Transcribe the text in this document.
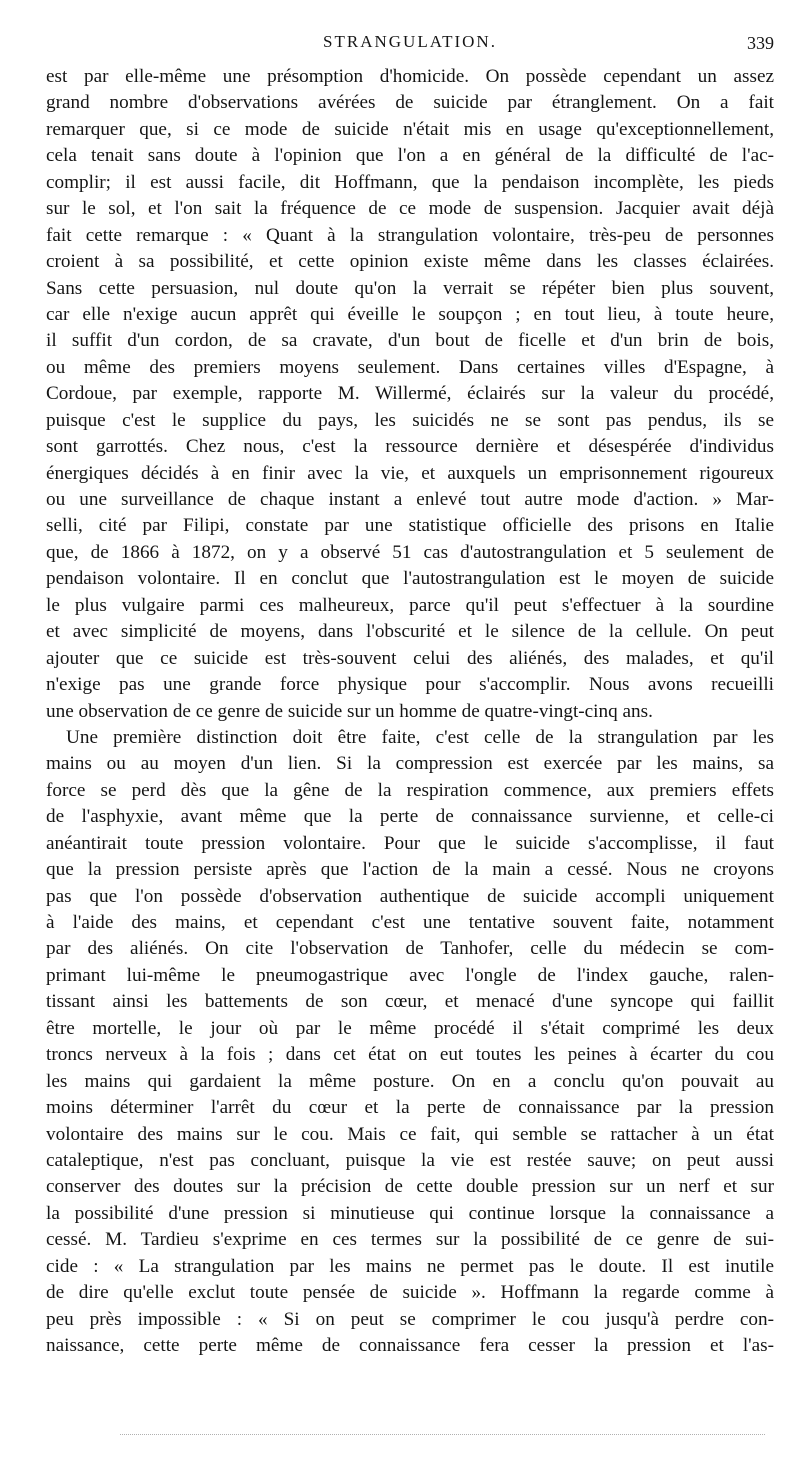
STRANGULATION.	339
est par elle-même une présomption d'homicide. On possède cependant un assez
grand nombre d'observations avérées de suicide par étranglement. On a fait
remarquer que, si ce mode de suicide n'était mis en usage qu'exceptionnellement,
cela tenait sans doute à l'opinion que l'on a en général de la difficulté de l'ac-
complir; il est aussi facile, dit Hoffmann, que la pendaison incomplète, les pieds
sur le sol, et l'on sait la fréquence de ce mode de suspension. Jacquier avait déjà
fait cette remarque : « Quant à la strangulation volontaire, très-peu de personnes
croient à sa possibilité, et cette opinion existe même dans les classes éclairées.
Sans cette persuasion, nul doute qu'on la verrait se répéter bien plus souvent,
car elle n'exige aucun apprêt qui éveille le soupçon ; en tout lieu, à toute heure,
il suffit d'un cordon, de sa cravate, d'un bout de ficelle et d'un brin de bois,
ou même des premiers moyens seulement. Dans certaines villes d'Espagne, à
Cordoue, par exemple, rapporte M. Willermé, éclairés sur la valeur du procédé,
puisque c'est le supplice du pays, les suicidés ne se sont pas pendus, ils se
sont garrottés. Chez nous, c'est la ressource dernière et désespérée d'individus
énergiques décidés à en finir avec la vie, et auxquels un emprisonnement rigoureux
ou une surveillance de chaque instant a enlevé tout autre mode d'action. » Mar-
selli, cité par Filipi, constate par une statistique officielle des prisons en Italie
que, de 1866 à 1872, on y a observé 51 cas d'autostrangulation et 5 seulement de
pendaison volontaire. Il en conclut que l'autostrangulation est le moyen de suicide
le plus vulgaire parmi ces malheureux, parce qu'il peut s'effectuer à la sourdine
et avec simplicité de moyens, dans l'obscurité et le silence de la cellule. On peut
ajouter que ce suicide est très-souvent celui des aliénés, des malades, et qu'il
n'exige pas une grande force physique pour s'accomplir. Nous avons recueilli
une observation de ce genre de suicide sur un homme de quatre-vingt-cinq ans.
Une première distinction doit être faite, c'est celle de la strangulation par les
mains ou au moyen d'un lien. Si la compression est exercée par les mains, sa
force se perd dès que la gêne de la respiration commence, aux premiers effets
de l'asphyxie, avant même que la perte de connaissance survienne, et celle-ci
anéantirait toute pression volontaire. Pour que le suicide s'accomplisse, il faut
que la pression persiste après que l'action de la main a cessé. Nous ne croyons
pas que l'on possède d'observation authentique de suicide accompli uniquement
à l'aide des mains, et cependant c'est une tentative souvent faite, notamment
par des aliénés. On cite l'observation de Tanhofer, celle du médecin se com-
primant lui-même le pneumogastrique avec l'ongle de l'index gauche, ralen-
tissant ainsi les battements de son cœur, et menacé d'une syncope qui faillit
être mortelle, le jour où par le même procédé il s'était comprimé les deux
troncs nerveux à la fois ; dans cet état on eut toutes les peines à écarter du cou
les mains qui gardaient la même posture. On en a conclu qu'on pouvait au
moins déterminer l'arrêt du cœur et la perte de connaissance par la pression
volontaire des mains sur le cou. Mais ce fait, qui semble se rattacher à un état
cataleptique, n'est pas concluant, puisque la vie est restée sauve; on peut aussi
conserver des doutes sur la précision de cette double pression sur un nerf et sur
la possibilité d'une pression si minutieuse qui continue lorsque la connaissance a
cessé. M. Tardieu s'exprime en ces termes sur la possibilité de ce genre de sui-
cide : « La strangulation par les mains ne permet pas le doute. Il est inutile
de dire qu'elle exclut toute pensée de suicide ». Hoffmann la regarde comme à
peu près impossible : « Si on peut se comprimer le cou jusqu'à perdre con-
naissance, cette perte même de connaissance fera cesser la pression et l'as-
